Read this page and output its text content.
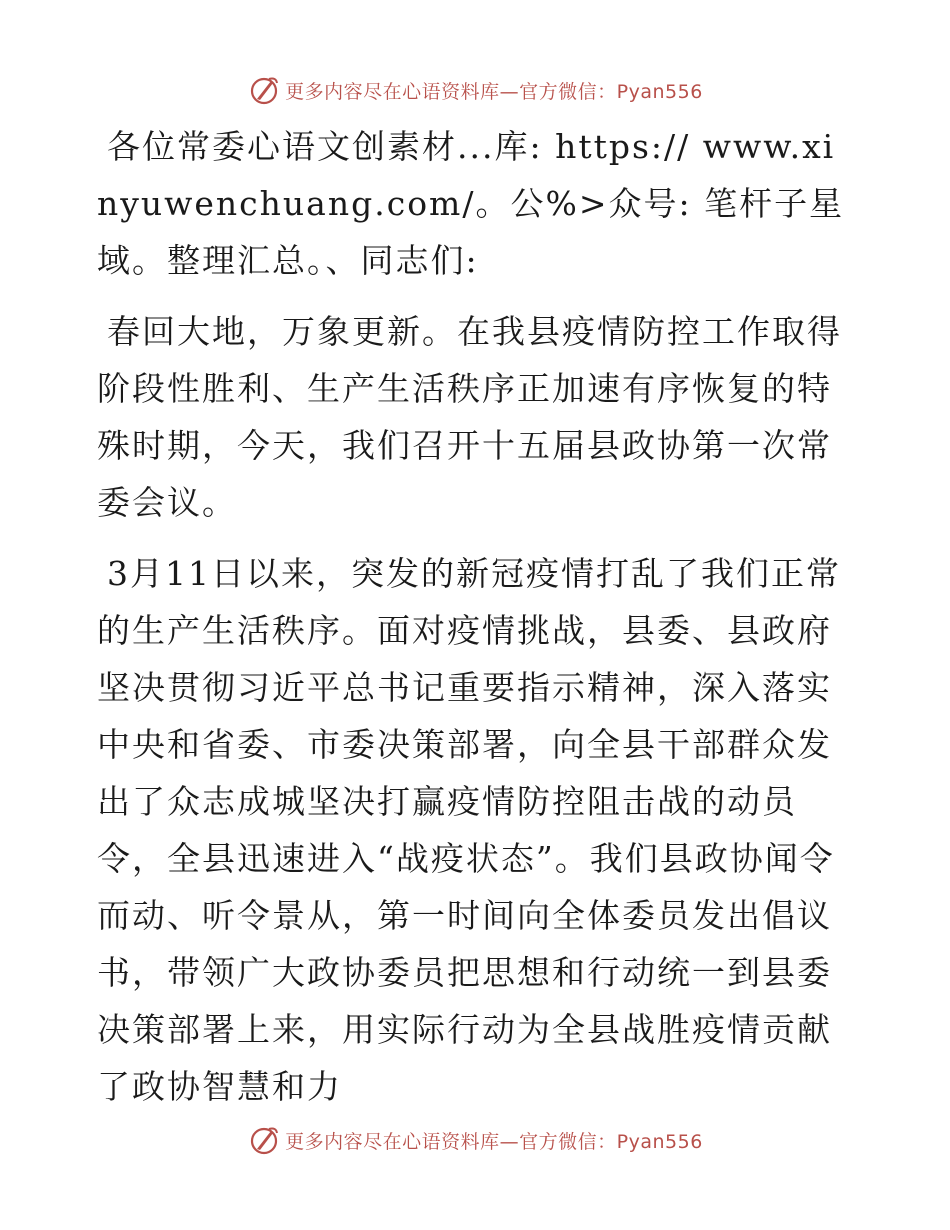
更多内容尽在心语资料库—官方微信：Pyan556

各位常委心语文创素材...库: https:// www.xinyuwenchuang.com/。公%>众号: 笔杆子星域。整理汇总。、同志们:

春回大地，万象更新。在我县疫情防控工作取得阶段性胜利、生产生活秩序正加速有序恢复的特殊时期，今天，我们召开十五届县政协第一次常委会议。

3月11日以来，突发的新冠疫情打乱了我们正常的生产生活秩序。面对疫情挑战，县委、县政府坚决贯彻习近平总书记重要指示精神，深入落实中央和省委、市委决策部署，向全县干部群众发出了众志成城坚决打赢疫情防控阻击战的动员令，全县迅速进入“战疫状态”。我们县政协闻令而动、听令景从，第一时间向全体委员发出倡议书，带领广大政协委员把思想和行动统一到县委决策部署上来，用实际行动为全县战胜疫情贡献了政协智慧和力

更多内容尽在心语资料库—官方微信：Pyan556
